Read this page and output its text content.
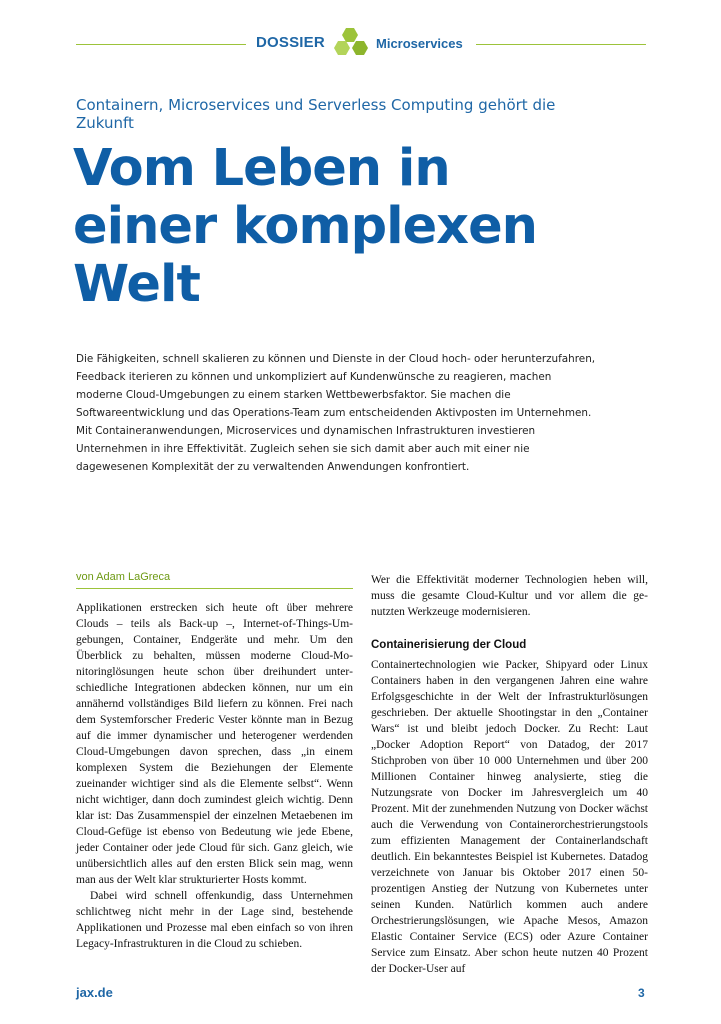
DOSSIER	Microservices
Containern, Microservices und Serverless Computing gehört die Zukunft
Vom Leben in
einer komplexen
Welt
Die Fähigkeiten, schnell skalieren zu können und Dienste in der Cloud hoch- oder herunterzufahren, Feedback iterieren zu können und unkompliziert auf Kundenwünsche zu reagieren, machen moderne Cloud-Umgebungen zu einem starken Wettbewerbsfaktor. Sie machen die Softwareentwicklung und das Operations-Team zum entscheidenden Aktivposten im Unternehmen. Mit Containeranwendungen, Microservices und dynamischen Infrastrukturen investieren Unternehmen in ihre Effektivität. Zugleich sehen sie sich damit aber auch mit einer nie dagewesenen Komplexität der zu verwaltenden Anwendungen konfrontiert.
von Adam LaGreca

Applikationen erstrecken sich heute oft über mehrere Clouds – teils als Back-up –, Internet-of-Things-Umgebungen, Container, Endgeräte und mehr. Um den Überblick zu behalten, müssen moderne Cloud-Monitoringlösungen heute schon über dreihundert unterschiedliche Integrationen abdecken können, nur um ein annähernd vollständiges Bild liefern zu können. Frei nach dem Systemforscher Frederic Vester könnte man in Bezug auf die immer dynamischer und heterogener werdenden Cloud-Umgebungen davon sprechen, dass „in einem komplexen System die Beziehungen der Elemente zueinander wichtiger sind als die Elemente selbst“. Wenn nicht wichtiger, dann doch zumindest gleich wichtig. Denn klar ist: Das Zusammenspiel der einzelnen Metaebenen im Cloud-Gefüge ist ebenso von Bedeutung wie jede Ebene, jeder Container oder jede Cloud für sich. Ganz gleich, wie unübersichtlich alles auf den ersten Blick sein mag, wenn man aus der Welt klar strukturierter Hosts kommt.

Dabei wird schnell offenkundig, dass Unternehmen schlichtweg nicht mehr in der Lage sind, bestehende Applikationen und Prozesse mal eben einfach so von ihren Legacy-Infrastrukturen in die Cloud zu schieben.

Wer die Effektivität moderner Technologien heben will, muss die gesamte Cloud-Kultur und vor allem die genutzten Werkzeuge modernisieren.

Containerisierung der Cloud

Containertechnologien wie Packer, Shipyard oder Linux Containers haben in den vergangenen Jahren eine wahre Erfolgsgeschichte in der Welt der Infrastrukturlösungen geschrieben. Der aktuelle Shootingstar in den „Container Wars“ ist und bleibt jedoch Docker. Zu Recht: Laut „Docker Adoption Report“ von Datadog, der 2017 Stichproben von über 10 000 Unternehmen und über 200 Millionen Container hinweg analysierte, stieg die Nutzungsrate von Docker im Jahresvergleich um 40 Prozent. Mit der zunehmenden Nutzung von Docker wächst auch die Verwendung von Containerorchestrierungstools zum effizienten Management der Containerlandschaft deutlich. Ein bekanntestes Beispiel ist Kubernetes. Datadog verzeichnete von Januar bis Oktober 2017 einen 50-prozentigen Anstieg der Nutzung von Kubernetes unter seinen Kunden. Natürlich kommen auch andere Orchestrierungslösungen, wie Apache Mesos, Amazon Elastic Container Service (ECS) oder Azure Container Service zum Einsatz. Aber schon heute nutzen 40 Prozent der Docker-User auf

jax.de	3
